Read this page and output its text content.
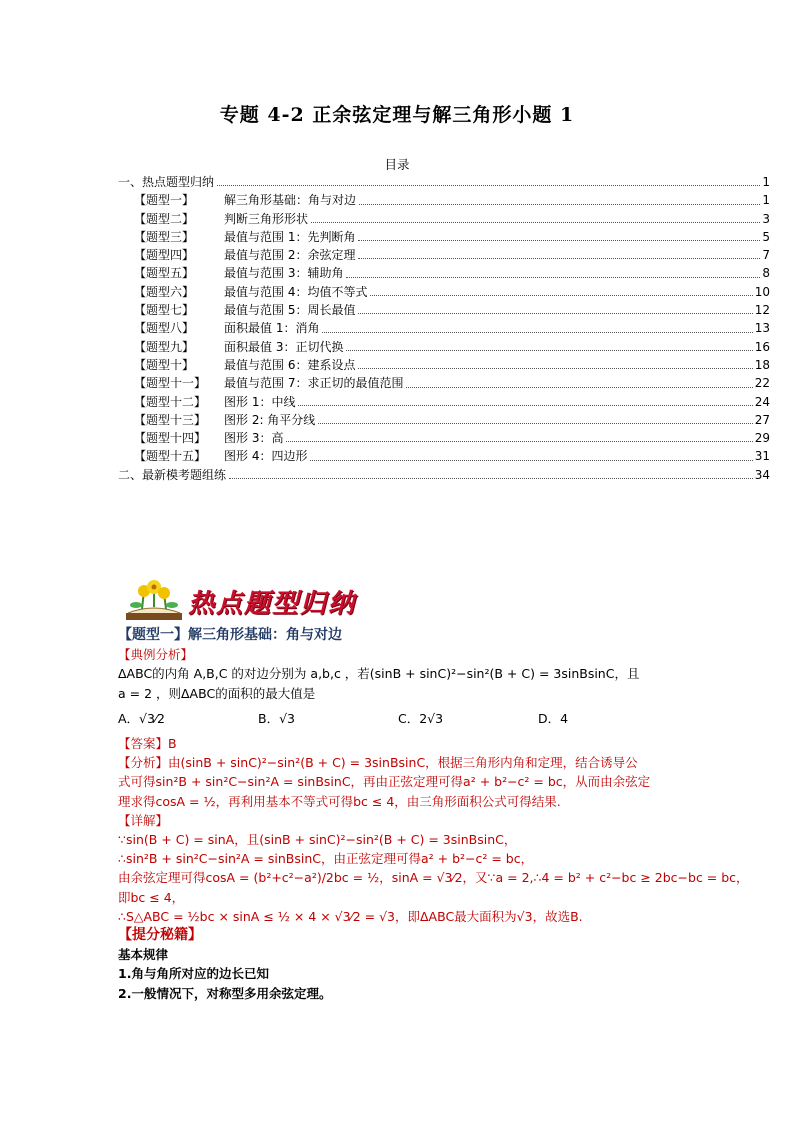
专题 4-2 正余弦定理与解三角形小题 1
目录
一、热点题型归纳	1
【题型一】	解三角形基础：角与对边	1
【题型二】	判断三角形形状	3
【题型三】	最值与范围 1：先判断角	5
【题型四】	最值与范围 2：余弦定理	7
【题型五】	最值与范围 3：辅助角	8
【题型六】	最值与范围 4：均值不等式	10
【题型七】	最值与范围 5：周长最值	12
【题型八】	面积最值 1：消角	13
【题型九】	面积最值 3：正切代换	16
【题型十】	最值与范围 6：建系设点	18
【题型十一】	最值与范围 7：求正切的最值范围	22
【题型十二】	图形 1：中线	24
【题型十三】	图形 2: 角平分线	27
【题型十四】	图形 3：高	29
【题型十五】	图形 4：四边形	31
二、最新模考题组练	34
热点题型归纳
【题型一】解三角形基础：角与对边
【典例分析】
ΔABC的内角 A,B,C 的对边分别为 a,b,c ，若(sinB + sinC)²−sin²(B + C) = 3sinBsinC，且
a = 2 ，则ΔABC的面积的最大值是
A．√3⁄2	B．√3	C．2√3	D．4
【答案】B
【分析】由(sinB + sinC)²−sin²(B + C) = 3sinBsinC，根据三角形内角和定理，结合诱导公
式可得sin²B + sin²C−sin²A = sinBsinC，再由正弦定理可得a² + b²−c² = bc，从而由余弦定
理求得cosA = ½，再利用基本不等式可得bc ≤ 4，由三角形面积公式可得结果.
【详解】
∵sin(B + C) = sinA，且(sinB + sinC)²−sin²(B + C) = 3sinBsinC，
∴sin²B + sin²C−sin²A = sinBsinC，由正弦定理可得a² + b²−c² = bc，
由余弦定理可得cosA = (b²+c²−a²)/2bc = ½，sinA = √3⁄2，又∵a = 2,∴4 = b² + c²−bc ≥ 2bc−bc = bc，
即bc ≤ 4，
∴S△ABC = ½bc × sinA ≤ ½ × 4 × √3⁄2 = √3，即ΔABC最大面积为√3，故选B.
【提分秘籍】
基本规律
1.角与角所对应的边长已知
2.一般情况下，对称型多用余弦定理。
